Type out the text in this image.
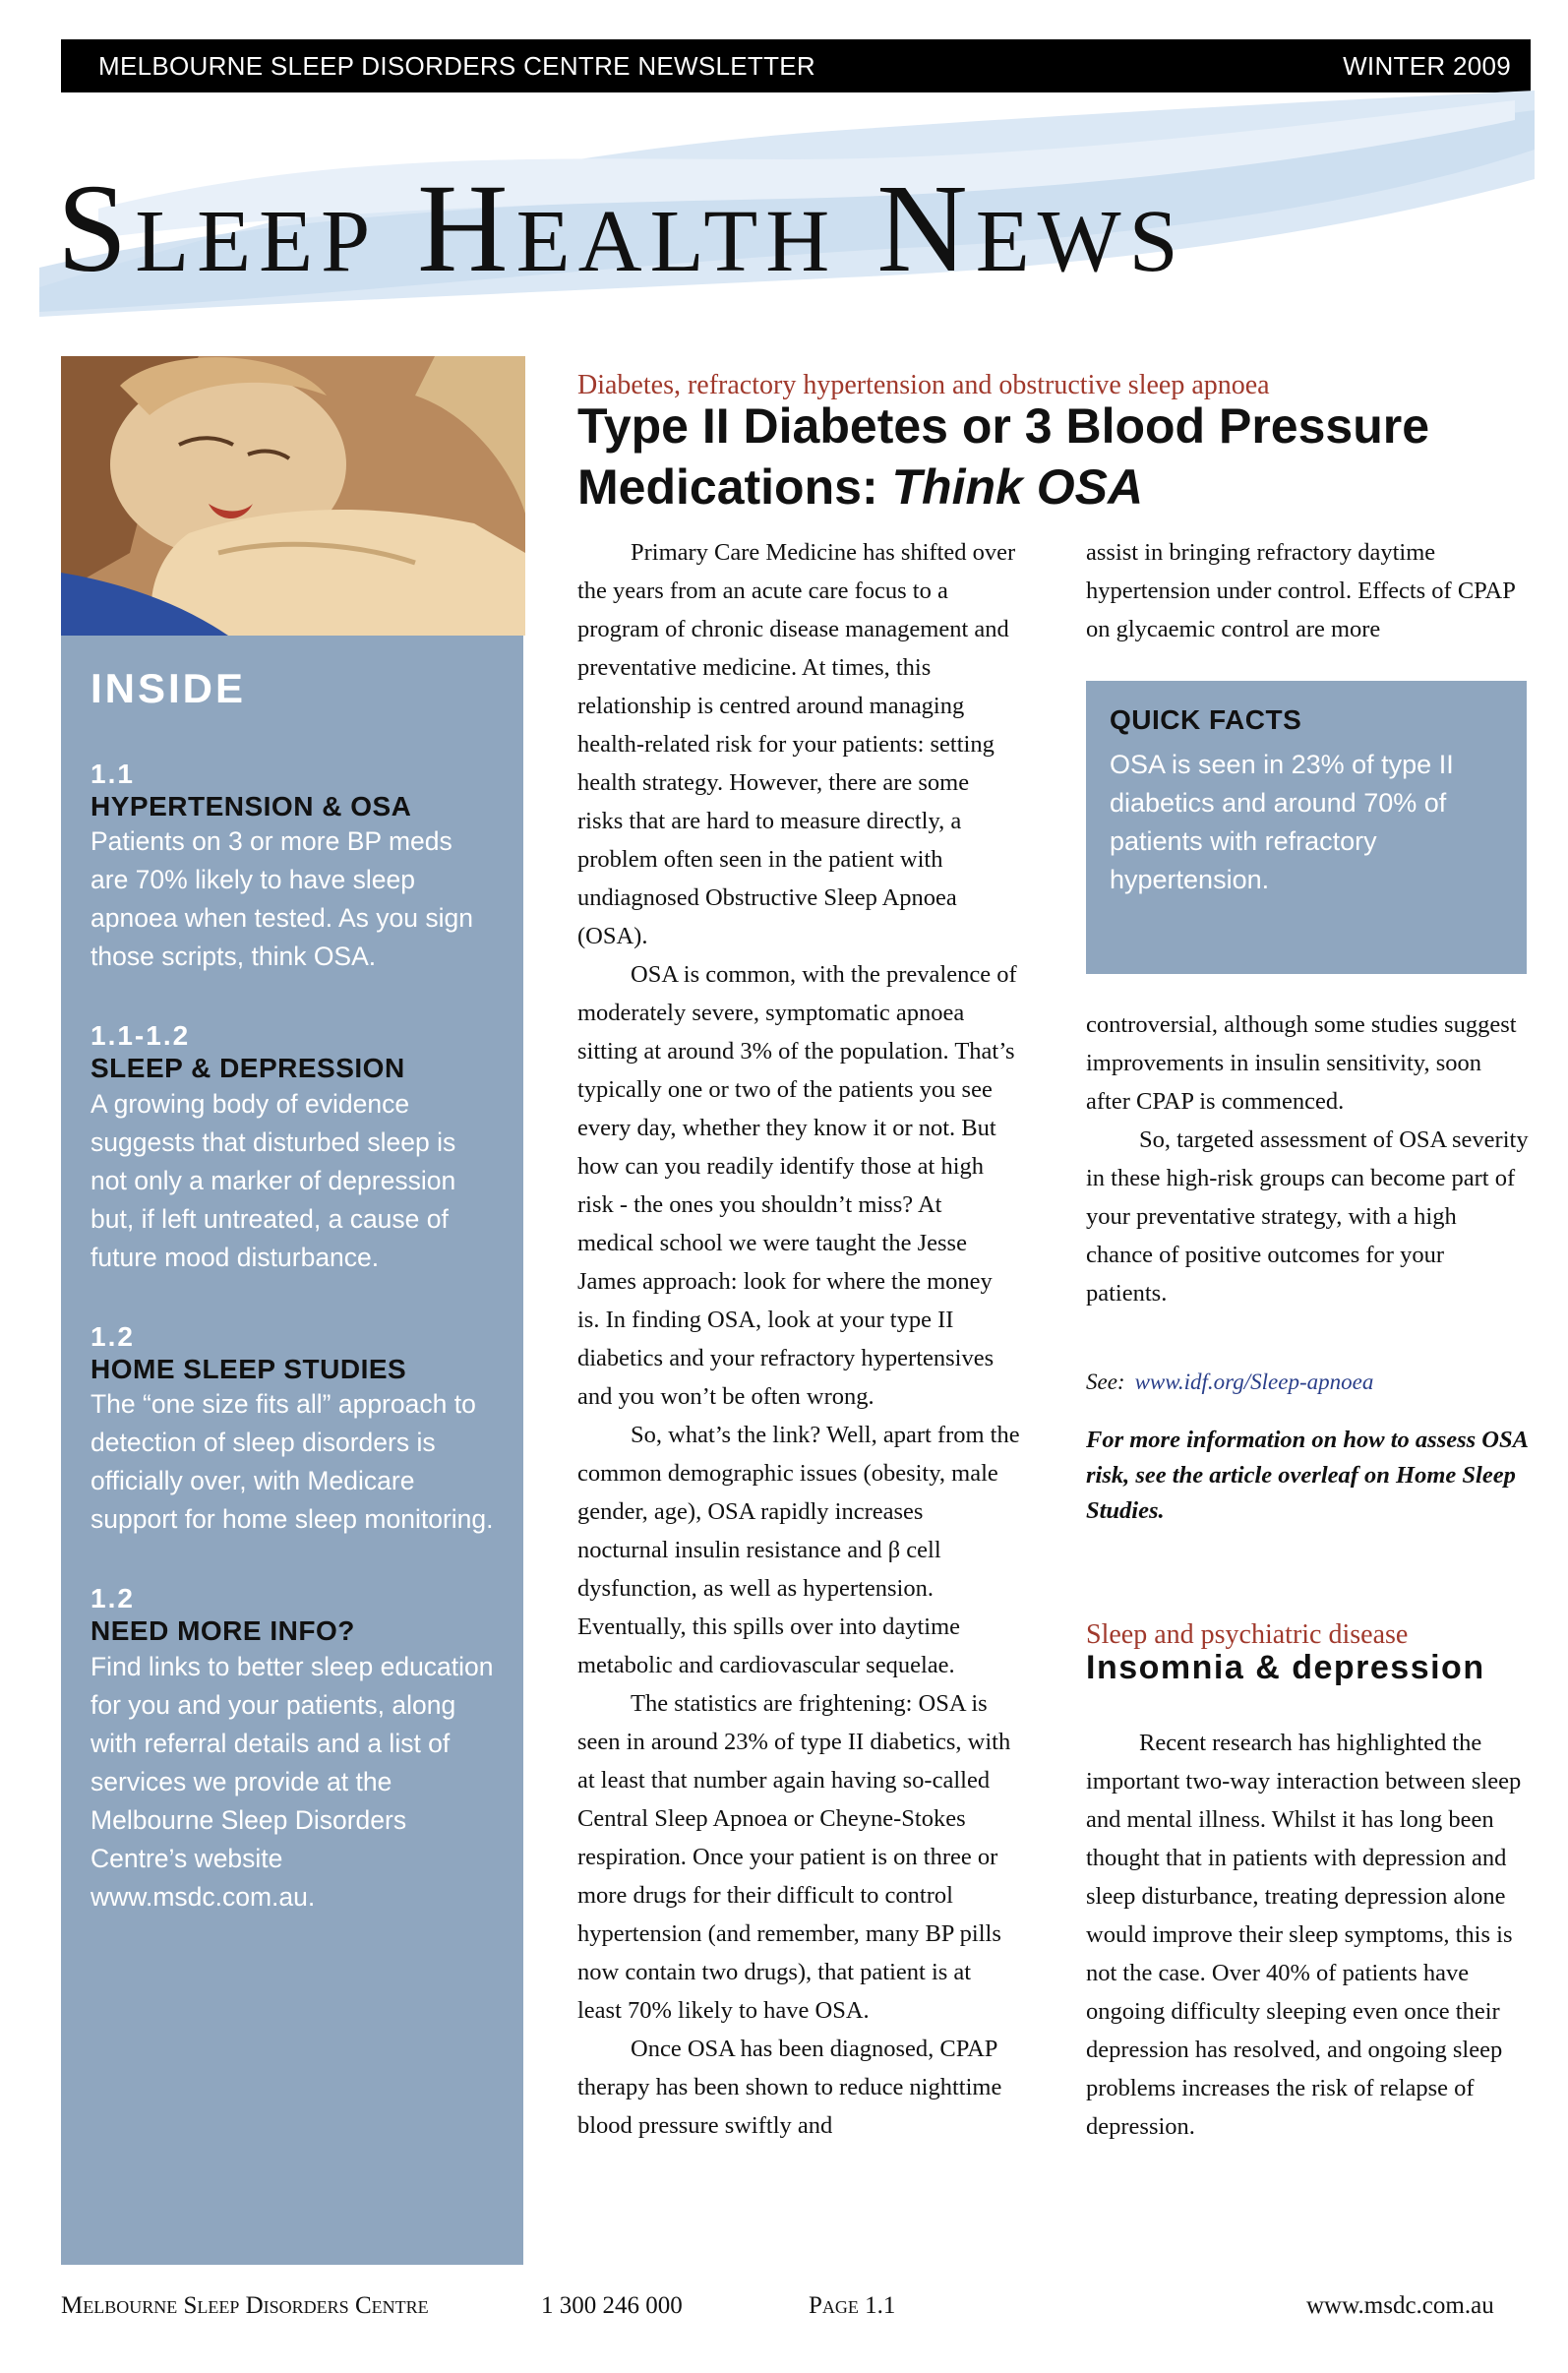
MELBOURNE SLEEP DISORDERS CENTRE NEWSLETTER	WINTER 2009
Sleep Health News
INSIDE
1.1
HYPERTENSION & OSA
Patients on 3 or more BP meds are 70% likely to have sleep apnoea when tested. As you sign those scripts, think OSA.
1.1-1.2
SLEEP & DEPRESSION
A growing body of evidence suggests that disturbed sleep is not only a marker of depression but, if left untreated, a cause of future mood disturbance.
1.2
HOME SLEEP STUDIES
The “one size fits all” approach to detection of sleep disorders is officially over, with Medicare support for home sleep monitoring.
1.2
NEED MORE INFO?
Find links to better sleep education for you and your patients, along with referral details and a list of services we provide at the Melbourne Sleep Disorders Centre’s website www.msdc.com.au.
Diabetes, refractory hypertension and obstructive sleep apnoea
Type II Diabetes or 3 Blood Pressure Medications: Think OSA

Primary Care Medicine has shifted over the years from an acute care focus to a program of chronic disease management and preventative medicine. At times, this relationship is centred around managing health-related risk for your patients: setting health strategy. However, there are some risks that are hard to measure directly, a problem often seen in the patient with undiagnosed Obstructive Sleep Apnoea (OSA).

OSA is common, with the prevalence of moderately severe, symptomatic apnoea sitting at around 3% of the population. That’s typically one or two of the patients you see every day, whether they know it or not. But how can you readily identify those at high risk - the ones you shouldn’t miss? At medical school we were taught the Jesse James approach: look for where the money is. In finding OSA, look at your type II diabetics and your refractory hypertensives and you won’t be often wrong.

So, what’s the link? Well, apart from the common demographic issues (obesity, male gender, age), OSA rapidly increases nocturnal insulin resistance and β cell dysfunction, as well as hypertension. Eventually, this spills over into daytime metabolic and cardiovascular sequelae.

The statistics are frightening: OSA is seen in around 23% of type II diabetics, with at least that number again having so-called Central Sleep Apnoea or Cheyne-Stokes respiration. Once your patient is on three or more drugs for their difficult to control hypertension (and remember, many BP pills now contain two drugs), that patient is at least 70% likely to have OSA.

Once OSA has been diagnosed, CPAP therapy has been shown to reduce nighttime blood pressure swiftly and

assist in bringing refractory daytime hypertension under control. Effects of CPAP on glycaemic control are more

QUICK FACTS
OSA is seen in 23% of type II diabetics and around 70% of patients with refractory hypertension.

controversial, although some studies suggest improvements in insulin sensitivity, soon after CPAP is commenced.

So, targeted assessment of OSA severity in these high-risk groups can become part of your preventative strategy, with a high chance of positive outcomes for your patients.

See: www.idf.org/Sleep-apnoea
For more information on how to assess OSA risk, see the article overleaf on Home Sleep Studies.
Sleep and psychiatric disease
Insomnia & depression

Recent research has highlighted the important two-way interaction between sleep and mental illness. Whilst it has long been thought that in patients with depression and sleep disturbance, treating depression alone would improve their sleep symptoms, this is not the case. Over 40% of patients have ongoing difficulty sleeping even once their depression has resolved, and ongoing sleep problems increases the risk of relapse of depression.

Melbourne Sleep Disorders Centre	1 300 246 000	Page 1.1	www.msdc.com.au
